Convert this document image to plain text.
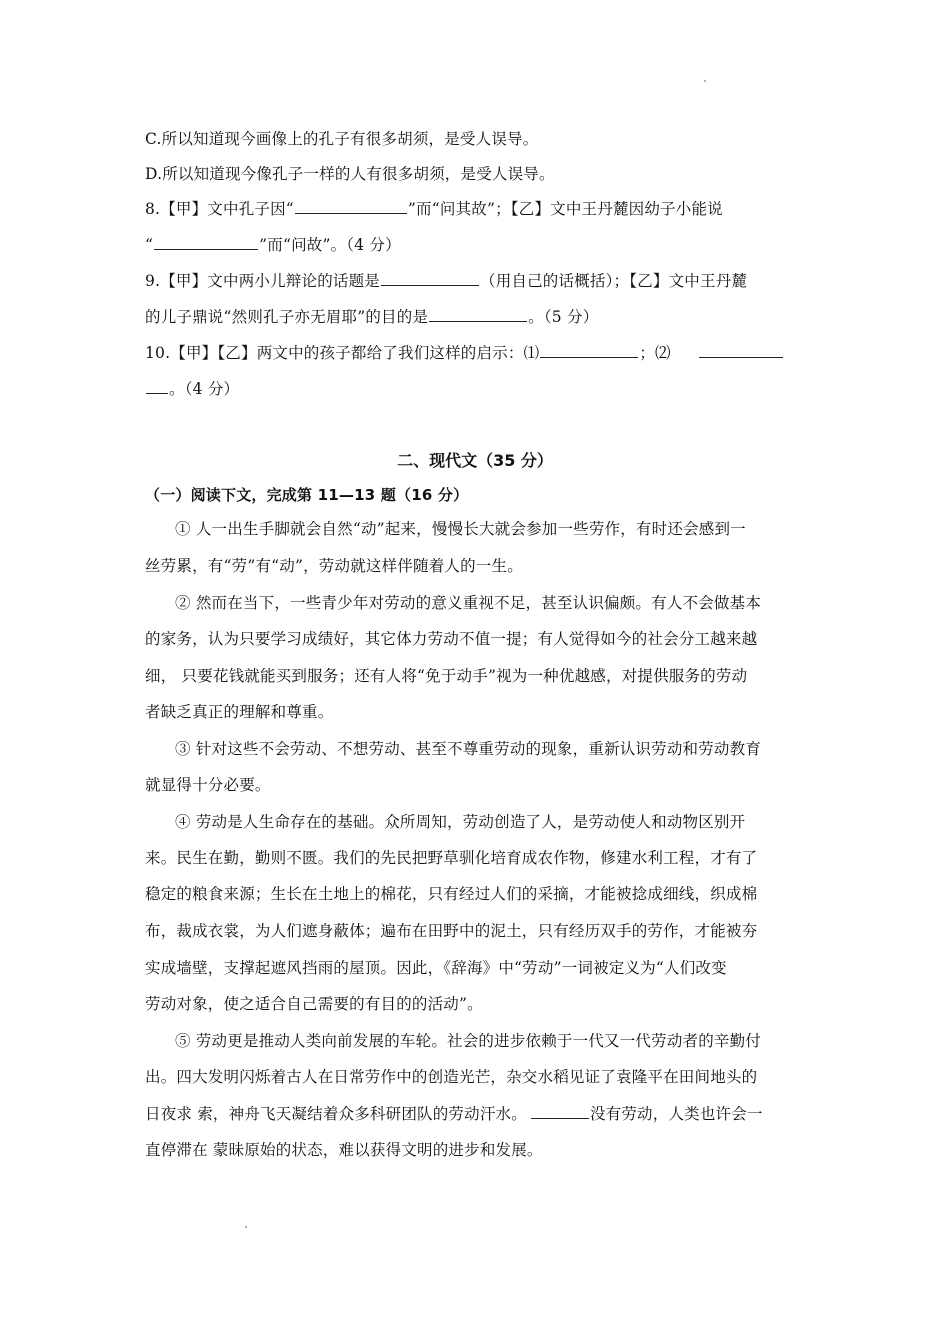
C.所以知道现今画像上的孔子有很多胡须，是受人误导。
D.所以知道现今像孔子一样的人有很多胡须，是受人误导。
8.【甲】文中孔子因“	”而“问其故”；【乙】文中王丹麓因幼子小能说
“	”而“问故”。（4 分）
9.【甲】文中两小儿辩论的话题是	（用自己的话概括）；【乙】文中王丹麓
的儿子鼎说“然则孔子亦无眉耶”的目的是	。（5 分）
10.【甲】【乙】两文中的孩子都给了我们这样的启示：⑴	；⑵
。（4 分）
二、现代文（35 分）
（一）阅读下文，完成第 11—13 题（16 分）
① 人一出生手脚就会自然“动”起来，慢慢长大就会参加一些劳作，有时还会感到一
丝劳累，有“劳”有“动”，劳动就这样伴随着人的一生。
② 然而在当下，一些青少年对劳动的意义重视不足，甚至认识偏颇。有人不会做基本
的家务，认为只要学习成绩好，其它体力劳动不值一提；有人觉得如今的社会分工越来越
细， 只要花钱就能买到服务；还有人将“免于动手”视为一种优越感，对提供服务的劳动
者缺乏真正的理解和尊重。
③ 针对这些不会劳动、不想劳动、甚至不尊重劳动的现象，重新认识劳动和劳动教育
就显得十分必要。
④ 劳动是人生命存在的基础。众所周知，劳动创造了人，是劳动使人和动物区别开
来。民生在勤，勤则不匮。我们的先民把野草驯化培育成农作物，修建水利工程，才有了
稳定的粮食来源；生长在土地上的棉花，只有经过人们的采摘，才能被捻成细线，织成棉
布，裁成衣裳，为人们遮身蔽体；遍布在田野中的泥土，只有经历双手的劳作，才能被夯
实成墙壁，支撑起遮风挡雨的屋顶。因此，《辞海》中“劳动”一词被定义为“人们改变
劳动对象，使之适合自己需要的有目的的活动”。
⑤ 劳动更是推动人类向前发展的车轮。社会的进步依赖于一代又一代劳动者的辛勤付
出。四大发明闪烁着古人在日常劳作中的创造光芒，杂交水稻见证了袁隆平在田间地头的
日夜求 索，神舟飞天凝结着众多科研团队的劳动汗水。	没有劳动，人类也许会一
直停滞在 蒙昧原始的状态，难以获得文明的进步和发展。
